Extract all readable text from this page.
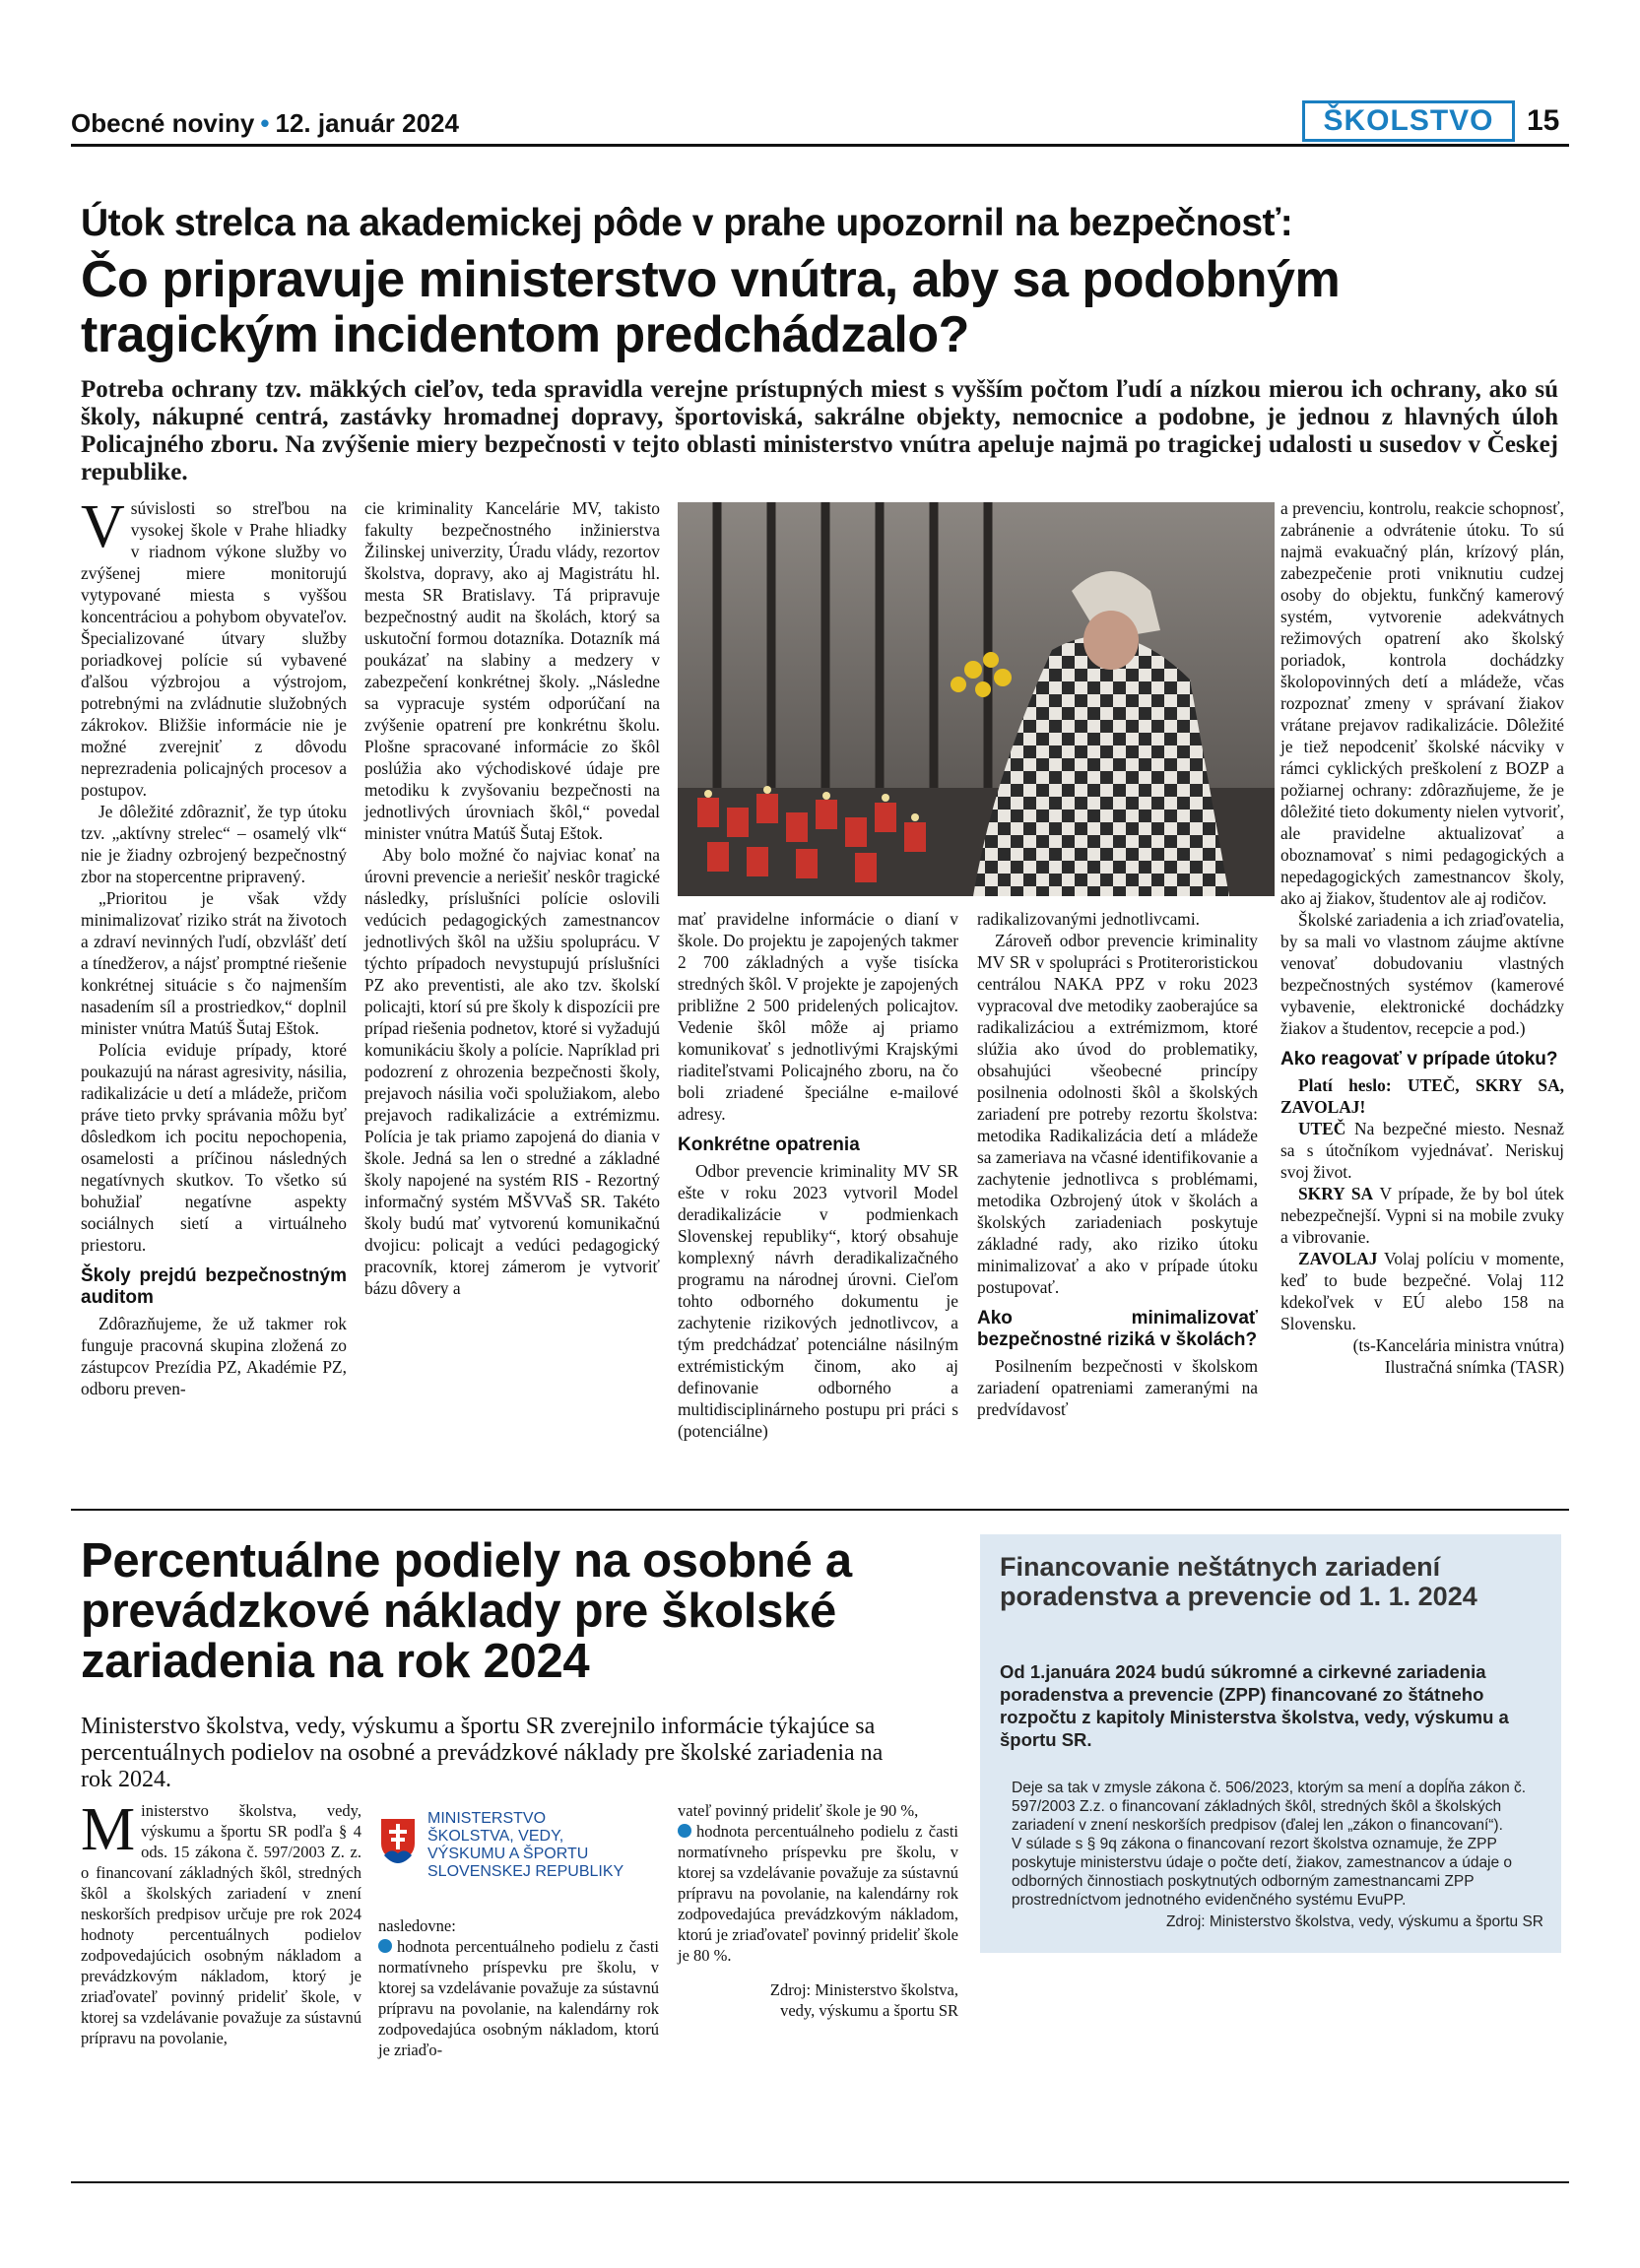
Obecné noviny • 12. január 2024	ŠKOLSTVO	15
Útok strelca na akademickej pôde v prahe upozornil na bezpečnosť:
Čo pripravuje ministerstvo vnútra, aby sa podobným tragickým incidentom predchádzalo?
Potreba ochrany tzv. mäkkých cieľov, teda spravidla verejne prístupných miest s vyšším počtom ľudí a nízkou mierou ich ochrany, ako sú školy, nákupné centrá, zastávky hromadnej dopravy, športoviská, sakrálne objekty, nemocnice a podobne, je jednou z hlavných úloh Policajného zboru. Na zvýšenie miery bezpečnosti v tejto oblasti ministerstvo vnútra apeluje najmä po tragickej udalosti u susedov v Českej republike.

Vsúvislosti so streľbou na vysokej škole v Prahe hliadky v riadnom výkone služby vo zvýšenej miere monitorujú vytypované miesta s vyššou koncentráciou a pohybom obyvateľov. Špecializované útvary služby poriadkovej polície sú vybavené ďalšou výzbrojou a výstrojom, potrebnými na zvládnutie služobných zákrokov. Bližšie informácie nie je možné zverejniť z dôvodu neprezradenia policajných procesov a postupov.

Je dôležité zdôrazniť, že typ útoku tzv. „aktívny strelec“ – osamelý vlk“ nie je žiadny ozbrojený bezpečnostný zbor na stopercentne pripravený.

„Prioritou je však vždy minimalizovať riziko strát na životoch a zdraví nevinných ľudí, obzvlášť detí a tínedžerov, a nájsť promptné riešenie konkrétnej situácie s čo najmenším nasadením síl a prostriedkov,“ doplnil minister vnútra Matúš Šutaj Eštok.

Polícia eviduje prípady, ktoré poukazujú na nárast agresivity, násilia, radikalizácie u detí a mládeže, pričom práve tieto prvky správania môžu byť dôsledkom ich pocitu nepochopenia, osamelosti a príčinou následných negatívnych skutkov. To všetko sú bohužiaľ negatívne aspekty sociálnych sietí a virtuálneho priestoru.

Školy prejdú bezpečnostným auditom

Zdôrazňujeme, že už takmer rok funguje pracovná skupina zložená zo zástupcov Prezídia PZ, Akadémie PZ, odboru preven-

cie kriminality Kancelárie MV, takisto fakulty bezpečnostného inžinierstva Žilinskej univerzity, Úradu vlády, rezortov školstva, dopravy, ako aj Magistrátu hl. mesta SR Bratislavy. Tá pripravuje bezpečnostný audit na školách, ktorý sa uskutoční formou dotazníka. Dotazník má poukázať na slabiny a medzery v zabezpečení konkrétnej školy. „Následne sa vypracuje systém odporúčaní na zvýšenie opatrení pre konkrétnu školu. Plošne spracované informácie zo škôl poslúžia ako východiskové údaje pre metodiku k zvyšovaniu bezpečnosti na jednotlivých úrovniach škôl,“ povedal minister vnútra Matúš Šutaj Eštok.

Aby bolo možné čo najviac konať na úrovni prevencie a neriešiť neskôr tragické následky, príslušníci polície oslovili vedúcich pedagogických zamestnancov jednotlivých škôl na užšiu spoluprácu. V týchto prípadoch nevystupujú príslušníci PZ ako preventisti, ale ako tzv. školskí policajti, ktorí sú pre školy k dispozícii pre prípad riešenia podnetov, ktoré si vyžadujú komunikáciu školy a polície. Napríklad pri podozrení z ohrozenia bezpečnosti školy, prejavoch násilia voči spolužiakom, alebo prejavoch radikalizácie a extrémizmu. Polícia je tak priamo zapojená do diania v škole. Jedná sa len o stredné a základné školy napojené na systém RIS - Rezortný informačný systém MŠVVaŠ SR. Takéto školy budú mať vytvorenú komunikačnú dvojicu: policajt a vedúci pedagogický pracovník, ktorej zámerom je vytvoriť bázu dôvery a

mať pravidelne informácie o dianí v škole. Do projektu je zapojených takmer 2 700 základných a vyše tisícka stredných škôl. V projekte je zapojených približne 2 500 pridelených policajtov. Vedenie škôl môže aj priamo komunikovať s jednotlivými Krajskými riaditeľstvami Policajného zboru, na čo boli zriadené špeciálne e-mailové adresy.

Konkrétne opatrenia

Odbor prevencie kriminality MV SR ešte v roku 2023 vytvoril Model deradikalizácie v podmienkach Slovenskej republiky“, ktorý obsahuje komplexný návrh deradikalizačného programu na národnej úrovni. Cieľom tohto odborného dokumentu je zachytenie rizikových jednotlivcov, a tým predchádzať potenciálne násilným extrémistickým činom, ako aj definovanie odborného a multidisciplinárneho postupu pri práci s (potenciálne)

radikalizovanými jednotlivcami.

Zároveň odbor prevencie kriminality MV SR v spolupráci s Protiteroristickou centrálou NAKA PPZ v roku 2023 vypracoval dve metodiky zaoberajúce sa radikalizáciou a extrémizmom, ktoré slúžia ako úvod do problematiky, obsahujúci všeobecné princípy posilnenia odolnosti škôl a školských zariadení pre potreby rezortu školstva: metodika Radikalizácia detí a mládeže sa zameriava na včasné identifikovanie a zachytenie jednotlivca s problémami, metodika Ozbrojený útok v školách a školských zariadeniach poskytuje základné rady, ako riziko útoku minimalizovať a ako v prípade útoku postupovať.

Ako minimalizovať bezpečnostné riziká v školách?

Posilnením bezpečnosti v školskom zariadení opatreniami zameranými na predvídavosť

a prevenciu, kontrolu, reakcie schopnosť, zabránenie a odvrátenie útoku. To sú najmä evakuačný plán, krízový plán, zabezpečenie proti vniknutiu cudzej osoby do objektu, funkčný kamerový systém, vytvorenie adekvátnych režimových opatrení ako školský poriadok, kontrola dochádzky školopovinných detí a mládeže, včas rozpoznať zmeny v správaní žiakov vrátane prejavov radikalizácie. Dôležité je tiež nepodceniť školské nácviky v rámci cyklických preškolení z BOZP a požiarnej ochrany: zdôrazňujeme, že je dôležité tieto dokumenty nielen vytvoriť, ale pravidelne aktualizovať a oboznamovať s nimi pedagogických a nepedagogických zamestnancov školy, ako aj žiakov, študentov ale aj rodičov.

Školské zariadenia a ich zriaďovatelia, by sa mali vo vlastnom záujme aktívne venovať dobudovaniu vlastných bezpečnostných systémov (kamerové vybavenie, elektronické dochádzky žiakov a študentov, recepcie a pod.)

Ako reagovať v prípade útoku?

Platí heslo: UTEČ, SKRY SA, ZAVOLAJ!

UTEČ Na bezpečné miesto. Nesnaž sa s útočníkom vyjednávať. Neriskuj svoj život.

SKRY SA V prípade, že by bol útek nebezpečnejší. Vypni si na mobile zvuky a vibrovanie.

ZAVOLAJ Volaj políciu v momente, keď to bude bezpečné. Volaj 112 kdekoľvek v EÚ alebo 158 na Slovensku.

(ts-Kancelária ministra vnútra)

Ilustračná snímka (TASR)

Percentuálne podiely na osobné a prevádzkové náklady pre školské zariadenia na rok 2024
Ministerstvo školstva, vedy, výskumu a športu SR zverejnilo informácie týkajúce sa percentuálnych podielov na osobné a prevádzkové náklady pre školské zariadenia na rok 2024.

Ministerstvo školstva, vedy, výskumu a športu SR podľa § 4 ods. 15 zákona č. 597/2003 Z. z. o financovaní základných škôl, stredných škôl a školských zariadení v znení neskorších predpisov určuje pre rok 2024 hodnoty percentuálnych podielov zodpovedajúcich osobným nákladom a prevádzkovým nákladom, ktorý je zriaďovateľ povinný prideliť škole, v ktorej sa vzdelávanie považuje za sústavnú prípravu na povolanie,

MINISTERSTVO
ŠKOLSTVA, VEDY,
VÝSKUMU A ŠPORTU
SLOVENSKEJ REPUBLIKY

nasledovne:

hodnota percentuálneho podielu z časti normatívneho príspevku pre školu, v ktorej sa vzdelávanie považuje za sústavnú prípravu na povolanie, na kalendárny rok zodpovedajúca osobným nákladom, ktorú je zriaďo-

vateľ povinný prideliť škole je 90 %,

hodnota percentuálneho podielu z časti normatívneho príspevku pre školu, v ktorej sa vzdelávanie považuje za sústavnú prípravu na povolanie, na kalendárny rok zodpovedajúca prevádzkovým nákladom, ktorú je zriaďovateľ povinný prideliť škole je 80 %.

Zdroj: Ministerstvo školstva,

vedy, výskumu a športu SR

Financovanie neštátnych zariadení poradenstva a prevencie od 1. 1. 2024
Od 1.januára 2024 budú súkromné a cirkevné zariadenia poradenstva a prevencie (ZPP) financované zo štátneho rozpočtu z kapitoly Ministerstva školstva, vedy, výskumu a športu SR.

Deje sa tak v zmysle zákona č. 506/2023, ktorým sa mení a dopĺňa zákon č. 597/2003 Z.z. o financovaní základných škôl, stredných škôl a školských zariadení v znení neskorších predpisov (ďalej len „zákon o financovaní“).

V súlade s § 9q zákona o financovaní rezort školstva oznamuje, že ZPP poskytuje ministerstvu údaje o počte detí, žiakov, zamestnancov a údaje o odborných činnostiach poskytnutých odborným zamestnancami ZPP prostredníctvom jednotného evidenčného systému EvuPP.

Zdroj: Ministerstvo školstva, vedy, výskumu a športu SR
